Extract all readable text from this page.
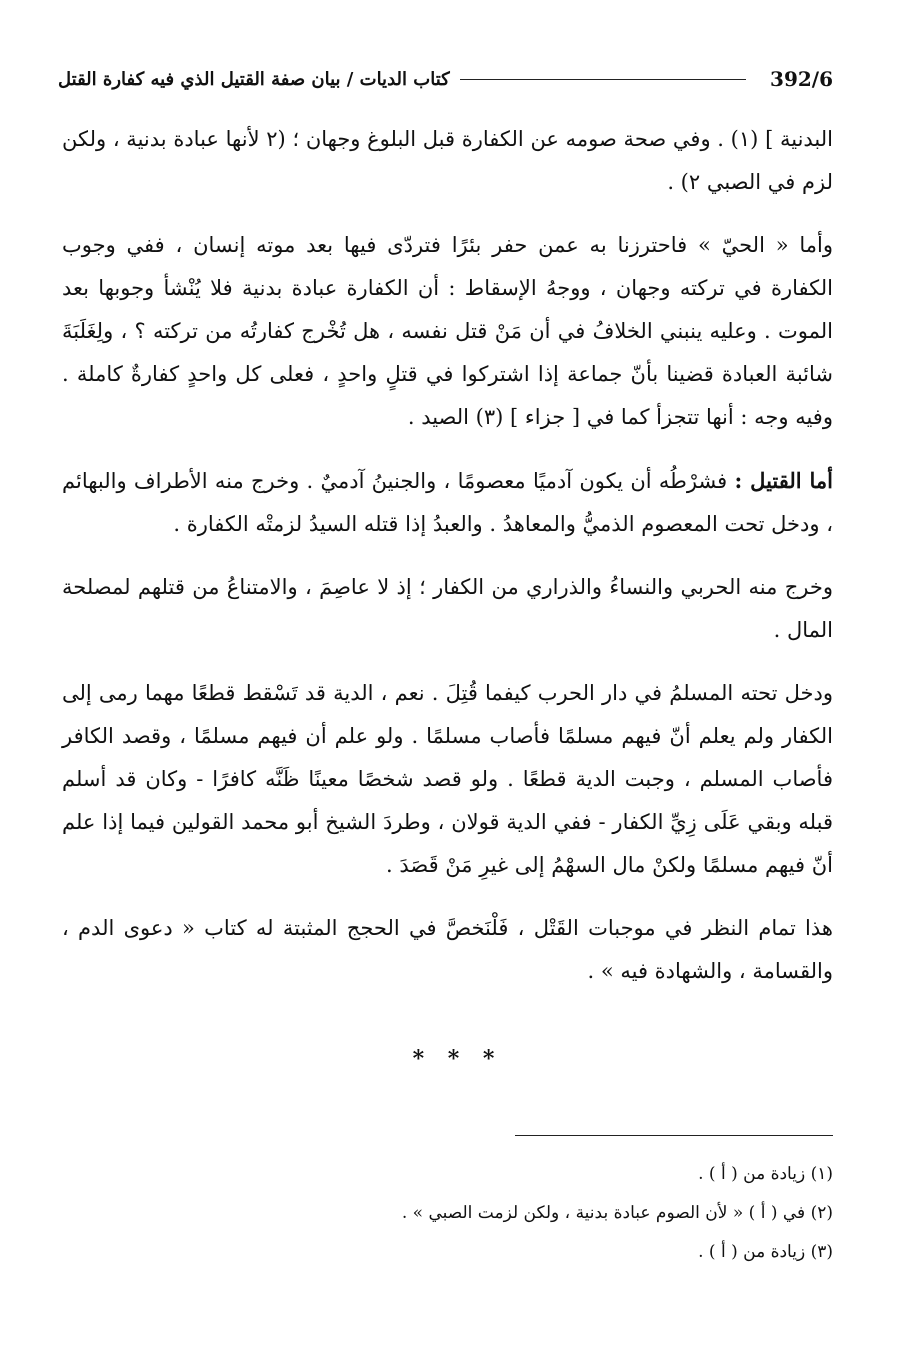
392/6
كتاب الديات / بيان صفة القتيل الذي فيه كفارة القتل

البدنية ] (١) . وفي صحة صومه عن الكفارة قبل البلوغ وجهان ؛ (٢ لأنها عبادة بدنية ، ولكن لزم في الصبي ٢) .

وأما « الحيّ » فاحترزنا به عمن حفر بئرًا فتردّى فيها بعد موته إنسان ، ففي وجوب الكفارة في تركته وجهان ، ووجهُ الإسقاط : أن الكفارة عبادة بدنية فلا يُنْشأ وجوبها بعد الموت . وعليه ينبني الخلافُ في أن مَنْ قتل نفسه ، هل تُخْرج كفارتُه من تركته ؟ ، ولِغَلَبَةَ شائبة العبادة قضينا بأنّ جماعة إذا اشتركوا في قتلٍ واحدٍ ، فعلى كل واحدٍ كفارةٌ كاملة . وفيه وجه : أنها تتجزأ كما في [ جزاء ] (٣) الصيد .

أما القتيل : فشرْطُه أن يكون آدميًا معصومًا ، والجنينُ آدميٌ . وخرج منه الأطراف والبهائم ، ودخل تحت المعصوم الذميُّ والمعاهدُ . والعبدُ إذا قتله السيدُ لزمتْه الكفارة .

وخرج منه الحربي والنساءُ والذراري من الكفار ؛ إذ لا عاصِمَ ، والامتناعُ من قتلهم لمصلحة المال .

ودخل تحته المسلمُ في دار الحرب كيفما قُتِلَ . نعم ، الدية قد تَسْقط قطعًا مهما رمى إلى الكفار ولم يعلم أنّ فيهم مسلمًا فأصاب مسلمًا . ولو علم أن فيهم مسلمًا ، وقصد الكافر فأصاب المسلم ، وجبت الدية قطعًا . ولو قصد شخصًا معينًا ظَنَّه كافرًا - وكان قد أسلم قبله وبقي عَلَى زِيِّ الكفار - ففي الدية قولان ، وطردَ الشيخ أبو محمد القولين فيما إذا علم أنّ فيهم مسلمًا ولكنْ مال السهْمُ إلى غيرِ مَنْ قَصَدَ .

هذا تمام النظر في موجبات القَتْل ، فَلْنَخصَّ في الحجج المثبتة له كتاب « دعوى الدم ، والقسامة ، والشهادة فيه » .

* * *

(١) زيادة من ( أ ) .

(٢) في ( أ ) « لأن الصوم عبادة بدنية ، ولكن لزمت الصبي » .

(٣) زيادة من ( أ ) .
